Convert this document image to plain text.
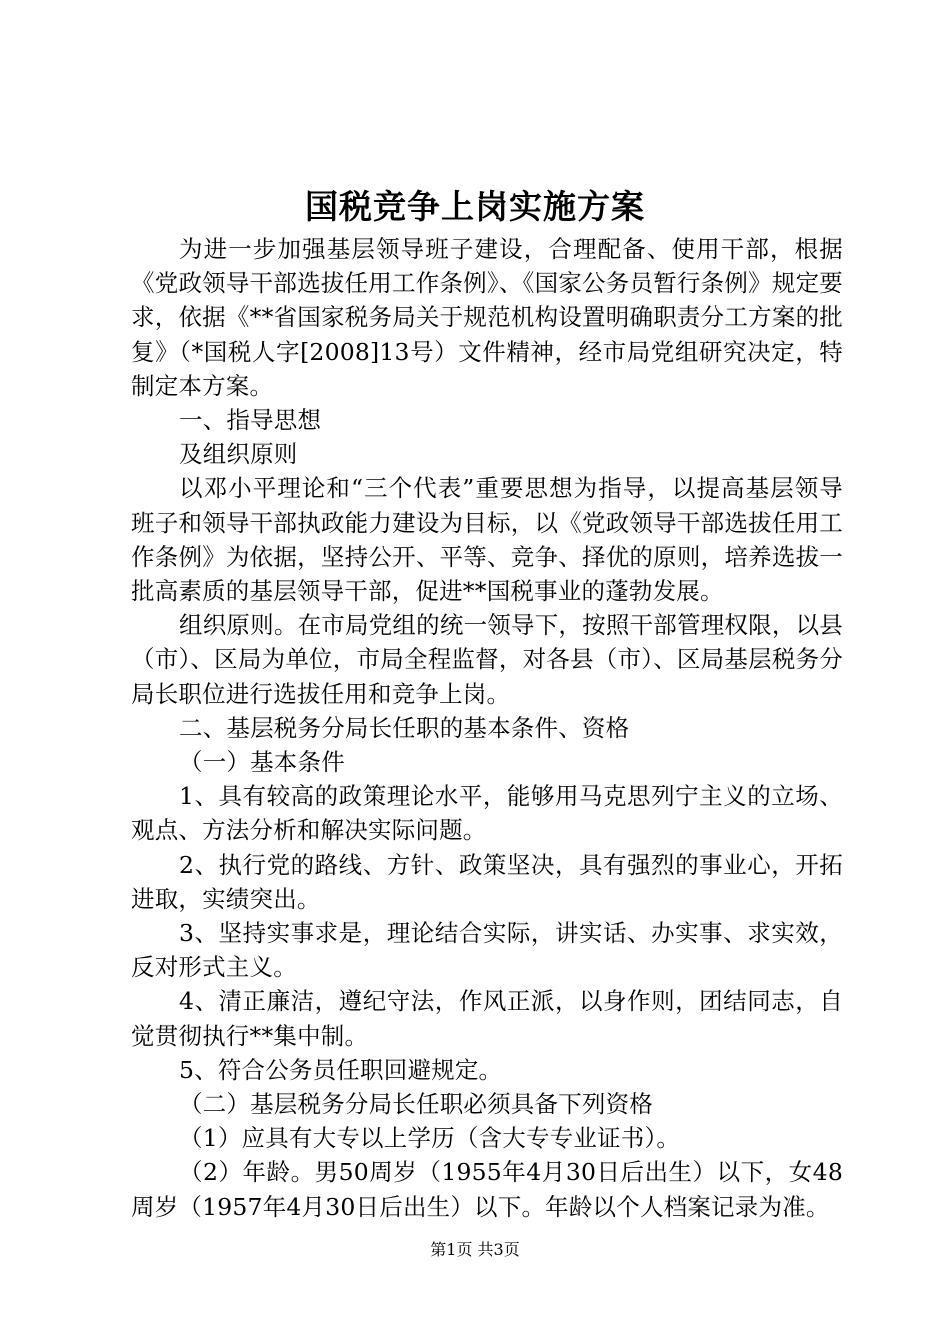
国税竞争上岗实施方案

为进一步加强基层领导班子建设，合理配备、使用干部，根据《党政领导干部选拔任用工作条例》、《国家公务员暂行条例》规定要求，依据《**省国家税务局关于规范机构设置明确职责分工方案的批复》（*国税人字[2008]13号）文件精神，经市局党组研究决定，特制定本方案。

一、指导思想

及组织原则

以邓小平理论和“三个代表”重要思想为指导，以提高基层领导班子和领导干部执政能力建设为目标，以《党政领导干部选拔任用工作条例》为依据，坚持公开、平等、竞争、择优的原则，培养选拔一批高素质的基层领导干部，促进**国税事业的蓬勃发展。

组织原则。在市局党组的统一领导下，按照干部管理权限，以县（市）、区局为单位，市局全程监督，对各县（市）、区局基层税务分局长职位进行选拔任用和竞争上岗。

二、基层税务分局长任职的基本条件、资格

（一）基本条件

1、具有较高的政策理论水平，能够用马克思列宁主义的立场、观点、方法分析和解决实际问题。

2、执行党的路线、方针、政策坚决，具有强烈的事业心，开拓进取，实绩突出。

3、坚持实事求是，理论结合实际，讲实话、办实事、求实效，反对形式主义。

4、清正廉洁，遵纪守法，作风正派，以身作则，团结同志，自觉贯彻执行**集中制。

5、符合公务员任职回避规定。

（二）基层税务分局长任职必须具备下列资格

（1）应具有大专以上学历（含大专专业证书）。

（2）年龄。男50周岁（1955年4月30日后出生）以下，女48周岁（1957年4月30日后出生）以下。年龄以个人档案记录为准。

第1页 共3页
